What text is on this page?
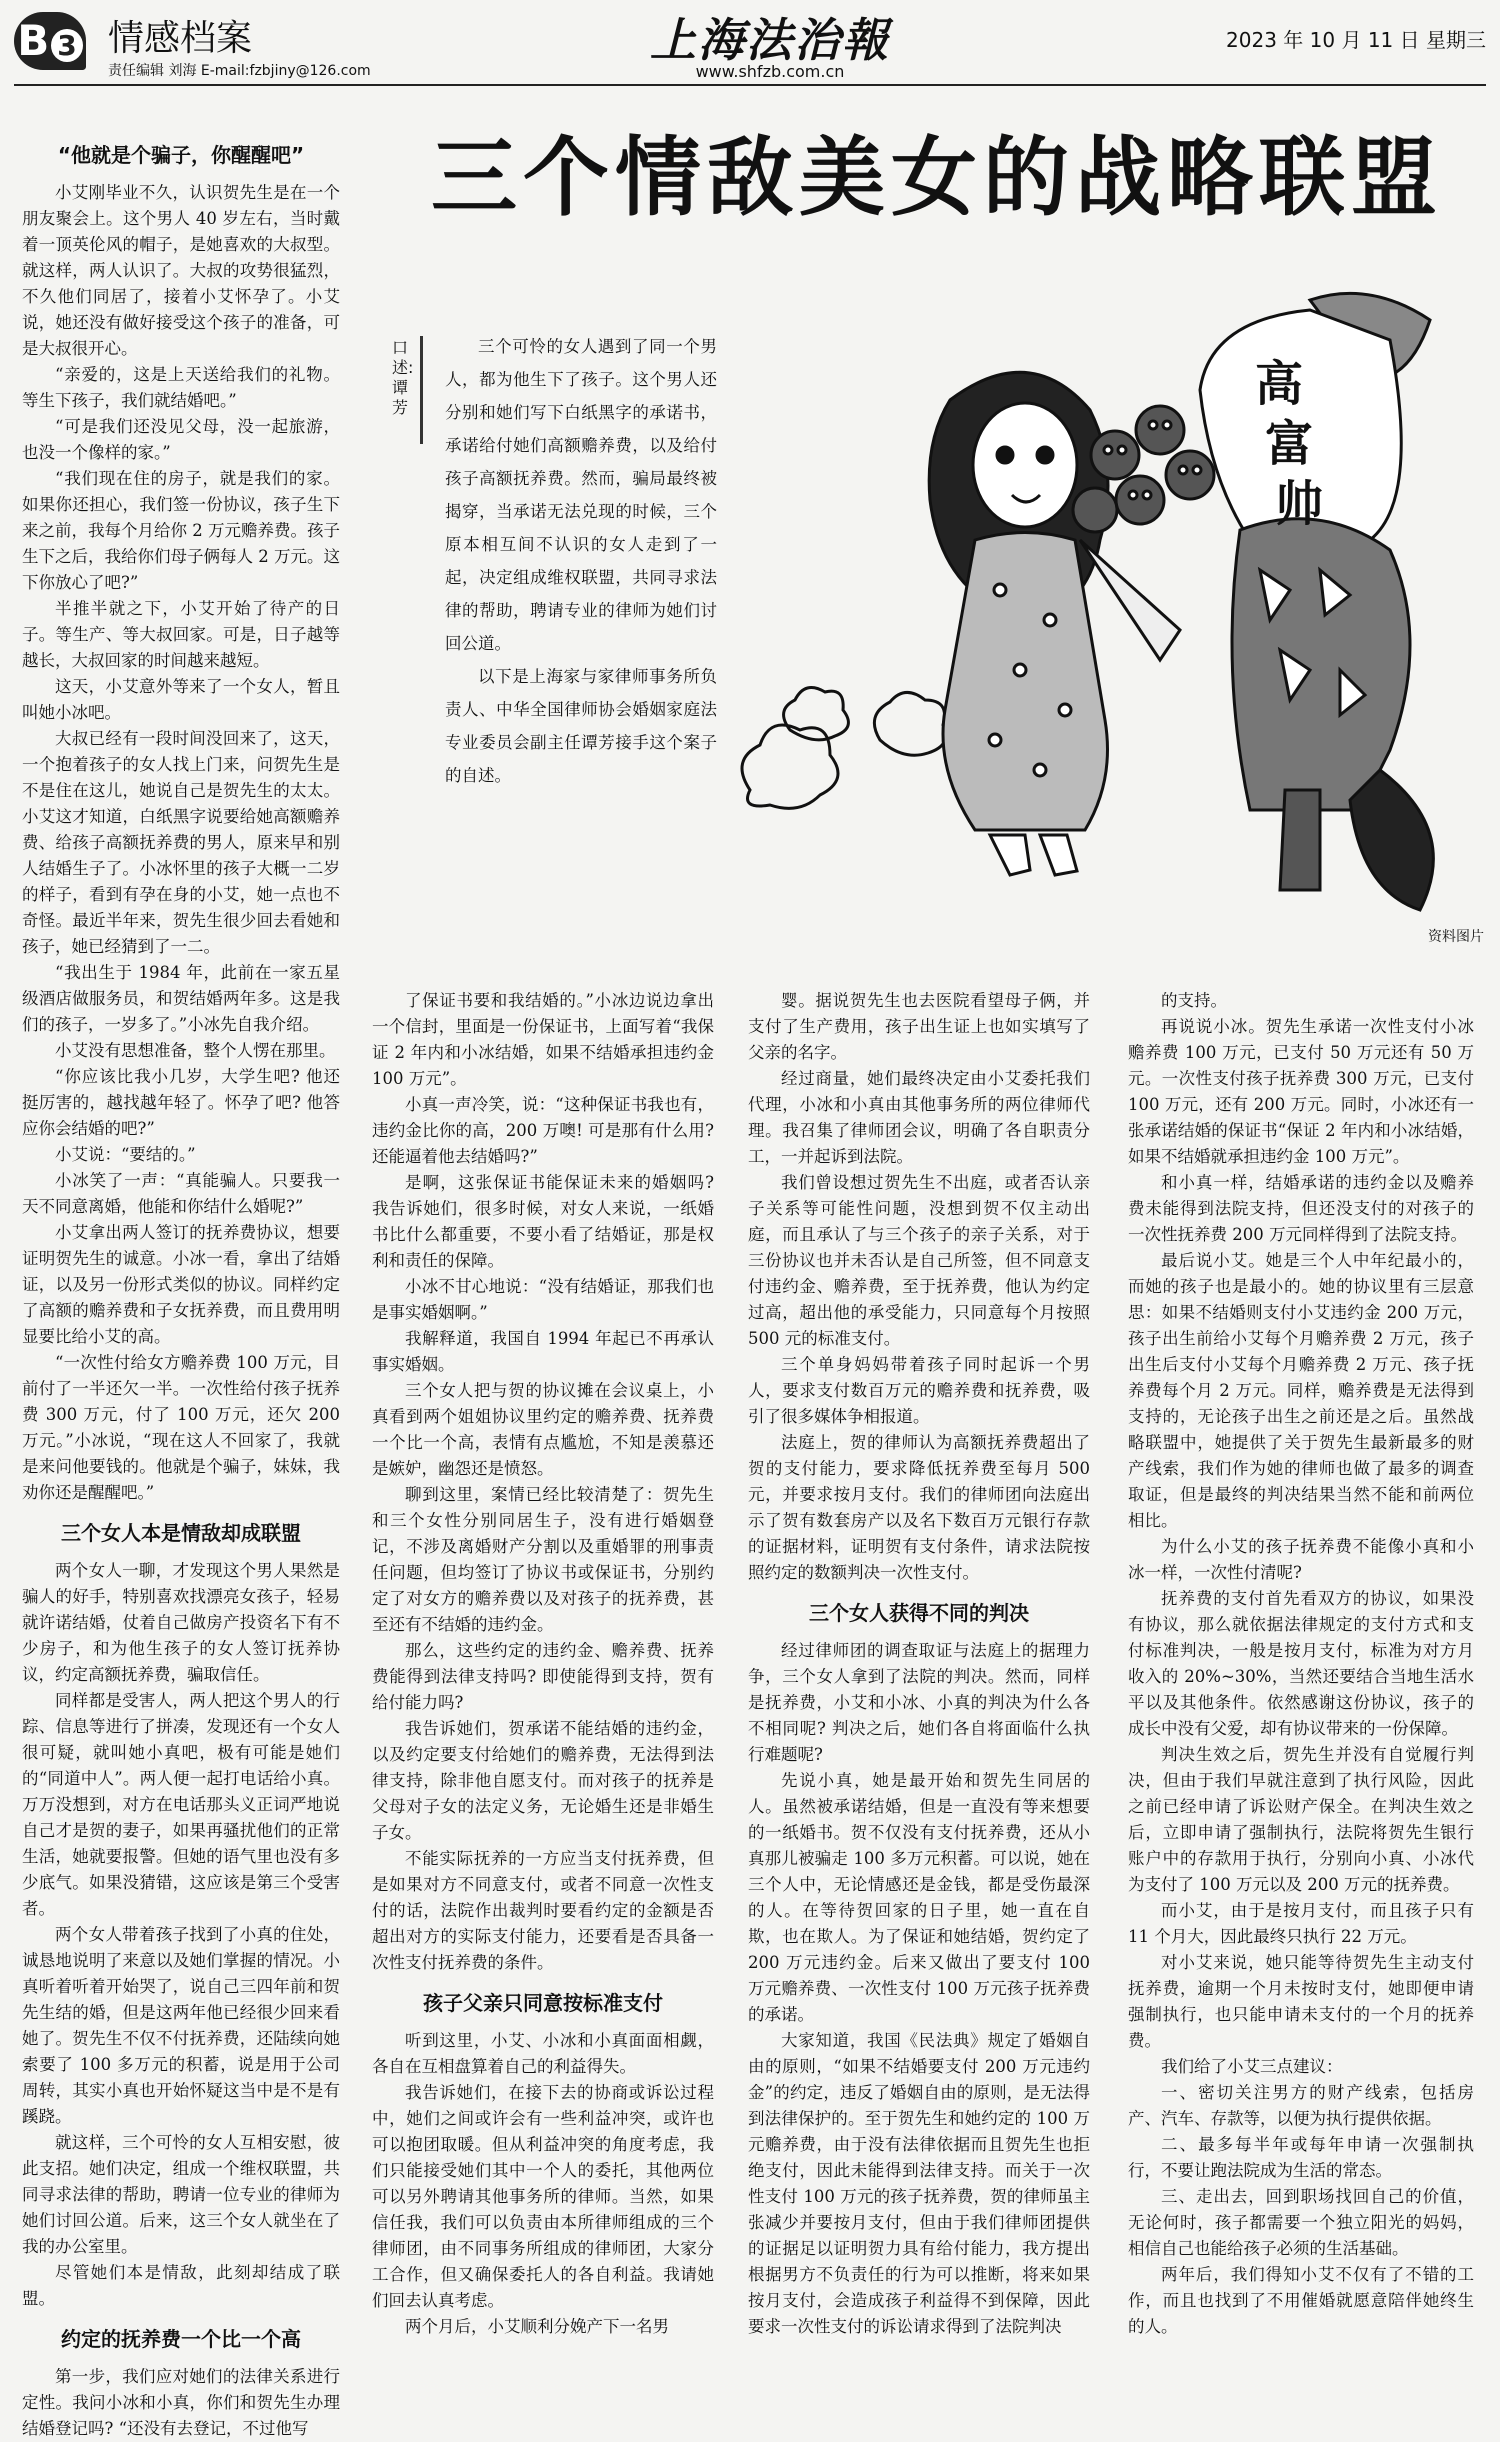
B 3 情感档案
责任编辑 刘海 E-mail:fzbjiny@126.com
上海法治報
www.shfzb.com.cn
2023 年 10 月 11 日 星期三
三个情敌美女的战略联盟
口述:谭芳

三个可怜的女人遇到了同一个男人，都为他生下了孩子。这个男人还分别和她们写下白纸黑字的承诺书，承诺给付她们高额赡养费，以及给付孩子高额抚养费。然而，骗局最终被揭穿，当承诺无法兑现的时候，三个原本相互间不认识的女人走到了一起，决定组成维权联盟，共同寻求法律的帮助，聘请专业的律师为她们讨回公道。

以下是上海家与家律师事务所负责人、中华全国律师协会婚姻家庭法专业委员会副主任谭芳接手这个案子的自述。

高
富
帅
资料图片
“他就是个骗子，你醒醒吧”

小艾刚毕业不久，认识贺先生是在一个朋友聚会上。这个男人 40 岁左右，当时戴着一顶英伦风的帽子，是她喜欢的大叔型。就这样，两人认识了。大叔的攻势很猛烈，不久他们同居了，接着小艾怀孕了。小艾说，她还没有做好接受这个孩子的准备，可是大叔很开心。

“亲爱的，这是上天送给我们的礼物。等生下孩子，我们就结婚吧。”

“可是我们还没见父母，没一起旅游，也没一个像样的家。”

“我们现在住的房子，就是我们的家。如果你还担心，我们签一份协议，孩子生下来之前，我每个月给你 2 万元赡养费。孩子生下之后，我给你们母子俩每人 2 万元。这下你放心了吧?”

半推半就之下，小艾开始了待产的日子。等生产、等大叔回家。可是，日子越等越长，大叔回家的时间越来越短。

这天，小艾意外等来了一个女人，暂且叫她小冰吧。

大叔已经有一段时间没回来了，这天，一个抱着孩子的女人找上门来，问贺先生是不是住在这儿，她说自己是贺先生的太太。小艾这才知道，白纸黑字说要给她高额赡养费、给孩子高额抚养费的男人，原来早和别人结婚生子了。小冰怀里的孩子大概一二岁的样子，看到有孕在身的小艾，她一点也不奇怪。最近半年来，贺先生很少回去看她和孩子，她已经猜到了一二。

“我出生于 1984 年，此前在一家五星级酒店做服务员，和贺结婚两年多。这是我们的孩子，一岁多了。”小冰先自我介绍。

小艾没有思想准备，整个人愣在那里。

“你应该比我小几岁，大学生吧? 他还挺厉害的，越找越年轻了。怀孕了吧? 他答应你会结婚的吧?”

小艾说：“要结的。”

小冰笑了一声：“真能骗人。只要我一天不同意离婚，他能和你结什么婚呢?”

小艾拿出两人签订的抚养费协议，想要证明贺先生的诚意。小冰一看，拿出了结婚证，以及另一份形式类似的协议。同样约定了高额的赡养费和子女抚养费，而且费用明显要比给小艾的高。

“一次性付给女方赡养费 100 万元，目前付了一半还欠一半。一次性给付孩子抚养费 300 万元，付了 100 万元，还欠 200 万元。”小冰说，“现在这人不回家了，我就是来问他要钱的。他就是个骗子，妹妹，我劝你还是醒醒吧。”

三个女人本是情敌却成联盟

两个女人一聊，才发现这个男人果然是骗人的好手，特别喜欢找漂亮女孩子，轻易就许诺结婚，仗着自己做房产投资名下有不少房子，和为他生孩子的女人签订抚养协议，约定高额抚养费，骗取信任。

同样都是受害人，两人把这个男人的行踪、信息等进行了拼凑，发现还有一个女人很可疑，就叫她小真吧，极有可能是她们的“同道中人”。两人便一起打电话给小真。万万没想到，对方在电话那头义正词严地说自己才是贺的妻子，如果再骚扰他们的正常生活，她就要报警。但她的语气里也没有多少底气。如果没猜错，这应该是第三个受害者。

两个女人带着孩子找到了小真的住处，诚恳地说明了来意以及她们掌握的情况。小真听着听着开始哭了，说自己三四年前和贺先生结的婚，但是这两年他已经很少回来看她了。贺先生不仅不付抚养费，还陆续向她索要了 100 多万元的积蓄，说是用于公司周转，其实小真也开始怀疑这当中是不是有蹊跷。

就这样，三个可怜的女人互相安慰，彼此支招。她们决定，组成一个维权联盟，共同寻求法律的帮助，聘请一位专业的律师为她们讨回公道。后来，这三个女人就坐在了我的办公室里。

尽管她们本是情敌，此刻却结成了联盟。

约定的抚养费一个比一个高

第一步，我们应对她们的法律关系进行定性。我问小冰和小真，你们和贺先生办理结婚登记吗? “还没有去登记，不过他写

了保证书要和我结婚的。”小冰边说边拿出一个信封，里面是一份保证书，上面写着“我保证 2 年内和小冰结婚，如果不结婚承担违约金 100 万元”。

小真一声冷笑，说：“这种保证书我也有，违约金比你的高，200 万噢! 可是那有什么用? 还能逼着他去结婚吗?”

是啊，这张保证书能保证未来的婚姻吗? 我告诉她们，很多时候，对女人来说，一纸婚书比什么都重要，不要小看了结婚证，那是权利和责任的保障。

小冰不甘心地说：“没有结婚证，那我们也是事实婚姻啊。”

我解释道，我国自 1994 年起已不再承认事实婚姻。

三个女人把与贺的协议摊在会议桌上，小真看到两个姐姐协议里约定的赡养费、抚养费一个比一个高，表情有点尴尬，不知是羡慕还是嫉妒，幽怨还是愤怒。

聊到这里，案情已经比较清楚了：贺先生和三个女性分别同居生子，没有进行婚姻登记，不涉及离婚财产分割以及重婚罪的刑事责任问题，但均签订了协议书或保证书，分别约定了对女方的赡养费以及对孩子的抚养费，甚至还有不结婚的违约金。

那么，这些约定的违约金、赡养费、抚养费能得到法律支持吗? 即使能得到支持，贺有给付能力吗?

我告诉她们，贺承诺不能结婚的违约金，以及约定要支付给她们的赡养费，无法得到法律支持，除非他自愿支付。而对孩子的抚养是父母对子女的法定义务，无论婚生还是非婚生子女。

不能实际抚养的一方应当支付抚养费，但是如果对方不同意支付，或者不同意一次性支付的话，法院作出裁判时要看约定的金额是否超出对方的实际支付能力，还要看是否具备一次性支付抚养费的条件。

孩子父亲只同意按标准支付

听到这里，小艾、小冰和小真面面相觑，各自在互相盘算着自己的利益得失。

我告诉她们，在接下去的协商或诉讼过程中，她们之间或许会有一些利益冲突，或许也可以抱团取暖。但从利益冲突的角度考虑，我们只能接受她们其中一个人的委托，其他两位可以另外聘请其他事务所的律师。当然，如果信任我，我们可以负责由本所律师组成的三个律师团，由不同事务所组成的律师团，大家分工合作，但又确保委托人的各自利益。我请她们回去认真考虑。

两个月后，小艾顺利分娩产下一名男

婴。据说贺先生也去医院看望母子俩，并支付了生产费用，孩子出生证上也如实填写了父亲的名字。

经过商量，她们最终决定由小艾委托我们代理，小冰和小真由其他事务所的两位律师代理。我召集了律师团会议，明确了各自职责分工，一并起诉到法院。

我们曾设想过贺先生不出庭，或者否认亲子关系等可能性问题，没想到贺不仅主动出庭，而且承认了与三个孩子的亲子关系，对于三份协议也并未否认是自己所签，但不同意支付违约金、赡养费，至于抚养费，他认为约定过高，超出他的承受能力，只同意每个月按照 500 元的标准支付。

三个单身妈妈带着孩子同时起诉一个男人，要求支付数百万元的赡养费和抚养费，吸引了很多媒体争相报道。

法庭上，贺的律师认为高额抚养费超出了贺的支付能力，要求降低抚养费至每月 500 元，并要求按月支付。我们的律师团向法庭出示了贺有数套房产以及名下数百万元银行存款的证据材料，证明贺有支付条件，请求法院按照约定的数额判决一次性支付。

三个女人获得不同的判决

经过律师团的调查取证与法庭上的据理力争，三个女人拿到了法院的判决。然而，同样是抚养费，小艾和小冰、小真的判决为什么各不相同呢? 判决之后，她们各自将面临什么执行难题呢?

先说小真，她是最开始和贺先生同居的人。虽然被承诺结婚，但是一直没有等来想要的一纸婚书。贺不仅没有支付抚养费，还从小真那儿被骗走 100 多万元积蓄。可以说，她在三个人中，无论情感还是金钱，都是受伤最深的人。在等待贺回家的日子里，她一直在自欺，也在欺人。为了保证和她结婚，贺约定了 200 万元违约金。后来又做出了要支付 100 万元赡养费、一次性支付 100 万元孩子抚养费的承诺。

大家知道，我国《民法典》规定了婚姻自由的原则，“如果不结婚要支付 200 万元违约金”的约定，违反了婚姻自由的原则，是无法得到法律保护的。至于贺先生和她约定的 100 万元赡养费，由于没有法律依据而且贺先生也拒绝支付，因此未能得到法律支持。而关于一次性支付 100 万元的孩子抚养费，贺的律师虽主张减少并要按月支付，但由于我们律师团提供的证据足以证明贺力具有给付能力，我方提出根据男方不负责任的行为可以推断，将来如果按月支付，会造成孩子利益得不到保障，因此要求一次性支付的诉讼请求得到了法院判决

的支持。

再说说小冰。贺先生承诺一次性支付小冰赡养费 100 万元，已支付 50 万元还有 50 万元。一次性支付孩子抚养费 300 万元，已支付 100 万元，还有 200 万元。同时，小冰还有一张承诺结婚的保证书“保证 2 年内和小冰结婚，如果不结婚就承担违约金 100 万元”。

和小真一样，结婚承诺的违约金以及赡养费未能得到法院支持，但还没支付的对孩子的一次性抚养费 200 万元同样得到了法院支持。

最后说小艾。她是三个人中年纪最小的，而她的孩子也是最小的。她的协议里有三层意思：如果不结婚则支付小艾违约金 200 万元，孩子出生前给小艾每个月赡养费 2 万元，孩子出生后支付小艾每个月赡养费 2 万元、孩子抚养费每个月 2 万元。同样，赡养费是无法得到支持的，无论孩子出生之前还是之后。虽然战略联盟中，她提供了关于贺先生最新最多的财产线索，我们作为她的律师也做了最多的调查取证，但是最终的判决结果当然不能和前两位相比。

为什么小艾的孩子抚养费不能像小真和小冰一样，一次性付清呢?

抚养费的支付首先看双方的协议，如果没有协议，那么就依据法律规定的支付方式和支付标准判决，一般是按月支付，标准为对方月收入的 20%~30%，当然还要结合当地生活水平以及其他条件。依然感谢这份协议，孩子的成长中没有父爱，却有协议带来的一份保障。

判决生效之后，贺先生并没有自觉履行判决，但由于我们早就注意到了执行风险，因此之前已经申请了诉讼财产保全。在判决生效之后，立即申请了强制执行，法院将贺先生银行账户中的存款用于执行，分别向小真、小冰代为支付了 100 万元以及 200 万元的抚养费。

而小艾，由于是按月支付，而且孩子只有 11 个月大，因此最终只执行 22 万元。

对小艾来说，她只能等待贺先生主动支付抚养费，逾期一个月未按时支付，她即便申请强制执行，也只能申请未支付的一个月的抚养费。

我们给了小艾三点建议：

一、密切关注男方的财产线索，包括房产、汽车、存款等，以便为执行提供依据。

二、最多每半年或每年申请一次强制执行，不要让跑法院成为生活的常态。

三、走出去，回到职场找回自己的价值，无论何时，孩子都需要一个独立阳光的妈妈，相信自己也能给孩子必须的生活基础。

两年后，我们得知小艾不仅有了不错的工作，而且也找到了不用催婚就愿意陪伴她终生的人。
